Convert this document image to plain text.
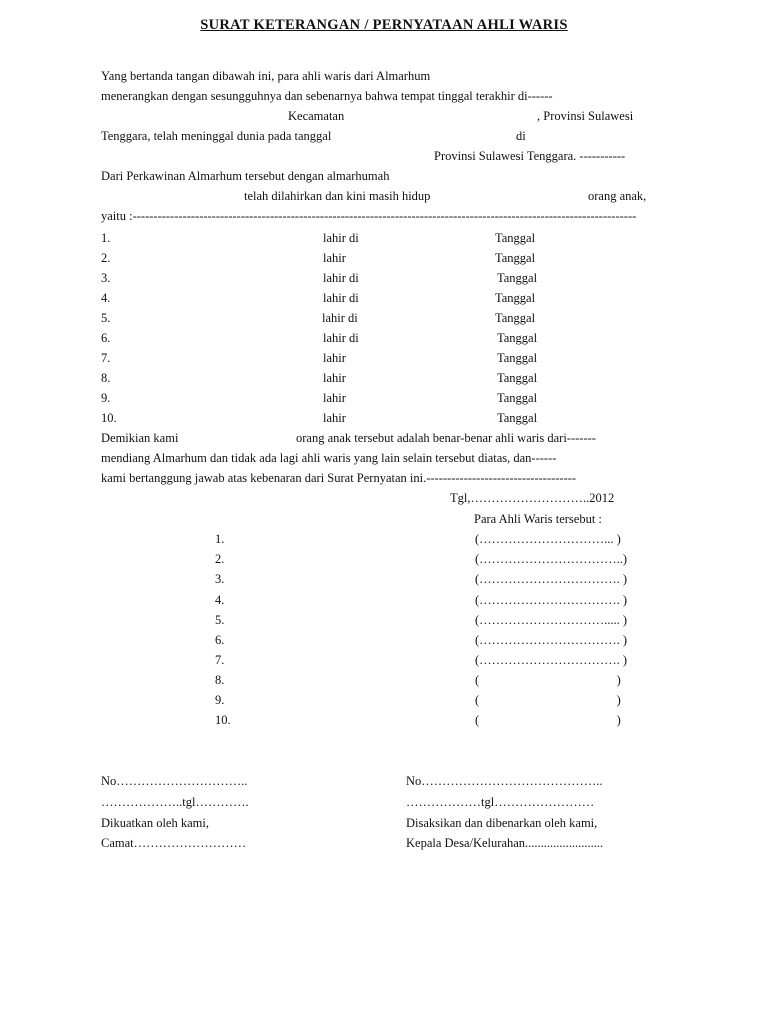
SURAT KETERANGAN / PERNYATAAN AHLI WARIS
Yang bertanda tangan dibawah ini, para ahli waris dari Almarhum
menerangkan dengan sesungguhnya dan sebenarnya bahwa tempat tinggal terakhir di------
Kecamatan	, Provinsi Sulawesi
Tenggara, telah meninggal dunia pada tanggal	di
Provinsi Sulawesi Tenggara. -----------
Dari Perkawinan Almarhum tersebut dengan almarhumah
telah dilahirkan dan kini masih hidup	orang anak,
yaitu :-------------------------------------------------------------------------------------------------------------------------
1.	lahir di	Tanggal
2.	lahir	Tanggal
3.	lahir di	Tanggal
4.	lahir di	Tanggal
5.	lahir di	Tanggal
6.	lahir di	Tanggal
7.	lahir	Tanggal
8.	lahir	Tanggal
9.	lahir	Tanggal
10.	lahir	Tanggal
Demikian kami	orang anak tersebut adalah benar-benar ahli waris dari-------
mendiang Almarhum dan tidak ada lagi ahli waris yang lain selain tersebut diatas, dan------
kami bertanggung jawab atas kebenaran dari Surat Pernyatan ini.------------------------------------
Tgl,………………………..2012
Para Ahli Waris tersebut :
1.	(…………………………... )
2.	(……………………………..)
3.	(……………………………. )
4.	(……………………………. )
5.	(…………………………..... )
6.	(……………………………. )
7.	(……………………………. )
8.	(                                            )
9.	(                                            )
10.	(                                            )
No…………………………..
………………..tgl………….
Dikuatkan oleh kami,
Camat………………………
No……………………………………..
………………tgl……………………
Disaksikan dan dibenarkan oleh kami,
Kepala Desa/Kelurahan.........................
